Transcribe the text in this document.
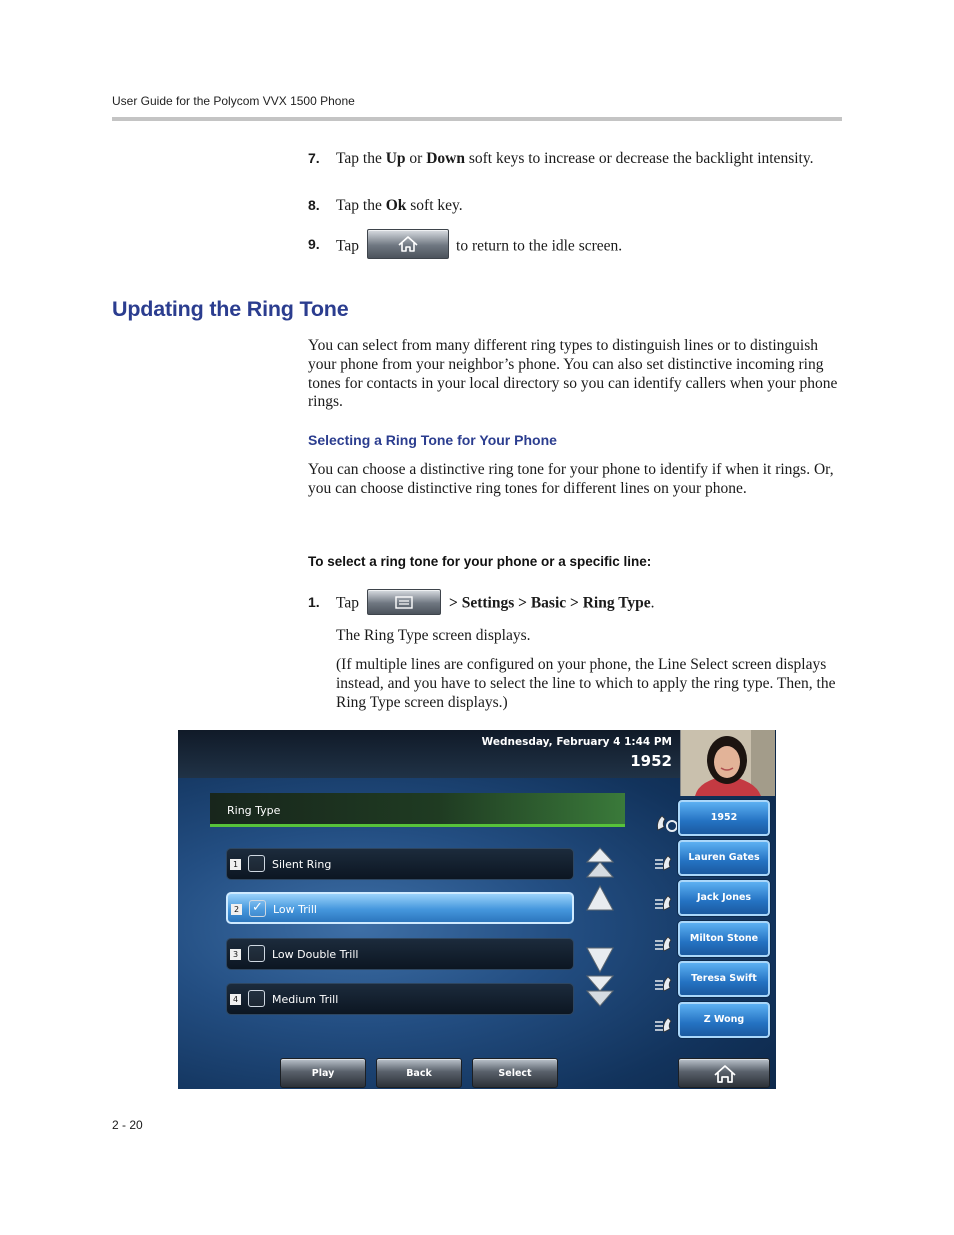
User Guide for the Polycom VVX 1500 Phone
7.	Tap the Up or Down soft keys to increase or decrease the backlight intensity.
8.	Tap the Ok soft key.
9.	Tap	to return to the idle screen.
Updating the Ring Tone
You can select from many different ring types to distinguish lines or to distinguish your phone from your neighbor’s phone. You can also set distinctive incoming ring tones for contacts in your local directory so you can identify callers when your phone rings.
Selecting a Ring Tone for Your Phone
You can choose a distinctive ring tone for your phone to identify if when it rings. Or, you can choose distinctive ring tones for different lines on your phone.
To select a ring tone for your phone or a specific line:
1.	Tap	> Settings > Basic > Ring Type.
The Ring Type screen displays.
(If multiple lines are configured on your phone, the Line Select screen displays instead, and you have to select the line to which to apply the ring type. Then, the Ring Type screen displays.)
Wednesday, February 4 1:44 PM
1952
Ring Type
1	Silent Ring
2 ✓ Low Trill
3	Low Double Trill
4	Medium Trill
1952
Lauren Gates
Jack Jones
Milton Stone
Teresa Swift
Z Wong
Play	Back	Select
2 - 20
